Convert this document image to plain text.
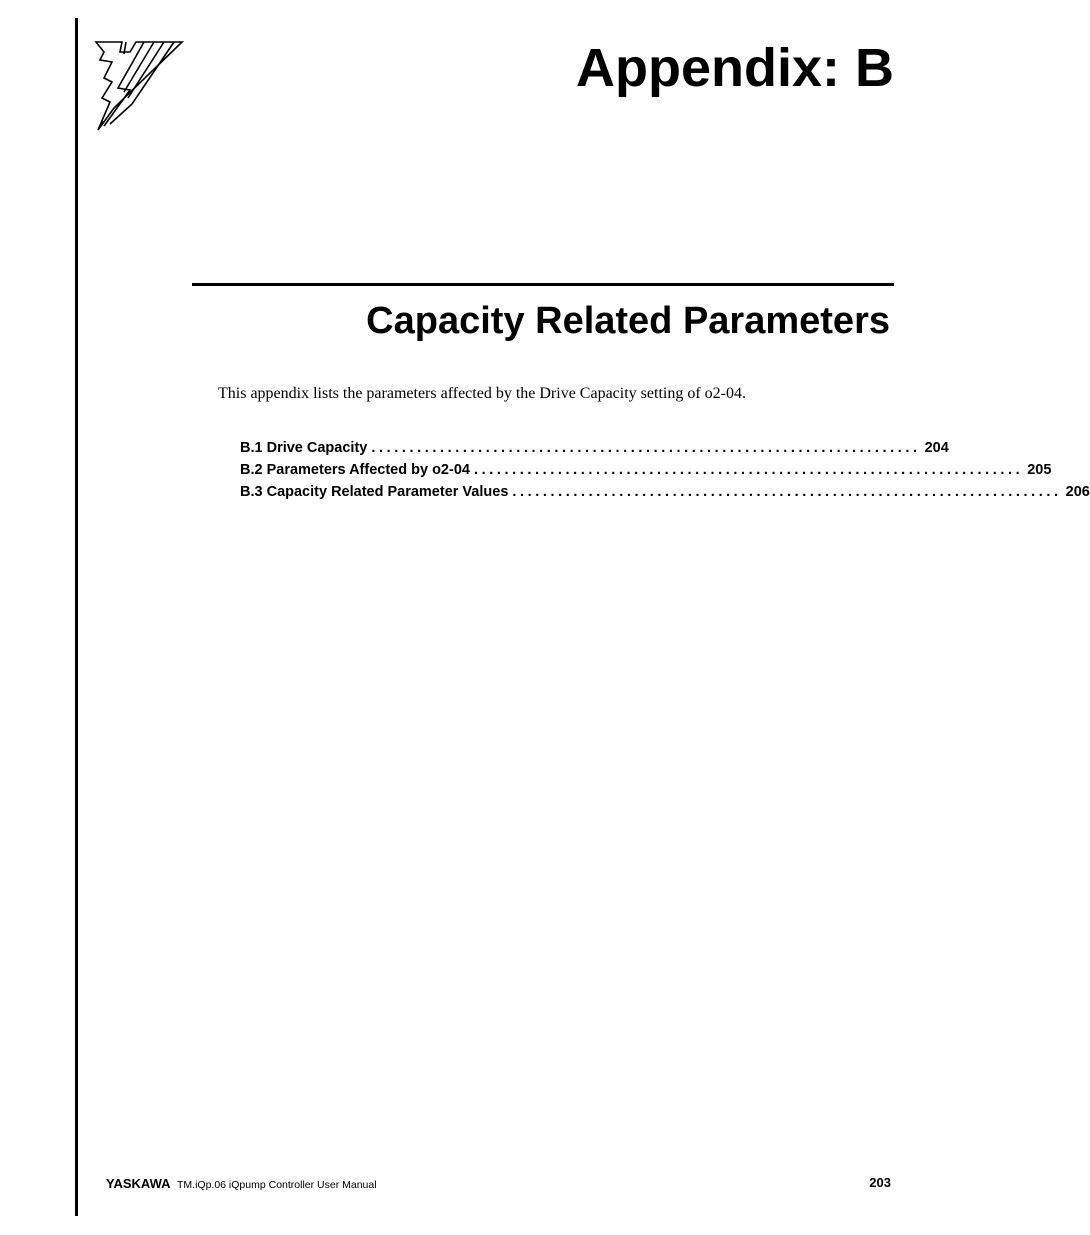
Appendix: B
Capacity Related Parameters
This appendix lists the parameters affected by the Drive Capacity setting of o2-04.
B.1 Drive Capacity ........................................................................ 204
B.2 Parameters Affected by o2-04 ........................................................................ 205
B.3 Capacity Related Parameter Values ........................................................................ 206
YASKAWA TM.iQp.06 iQpump Controller User Manual	203
